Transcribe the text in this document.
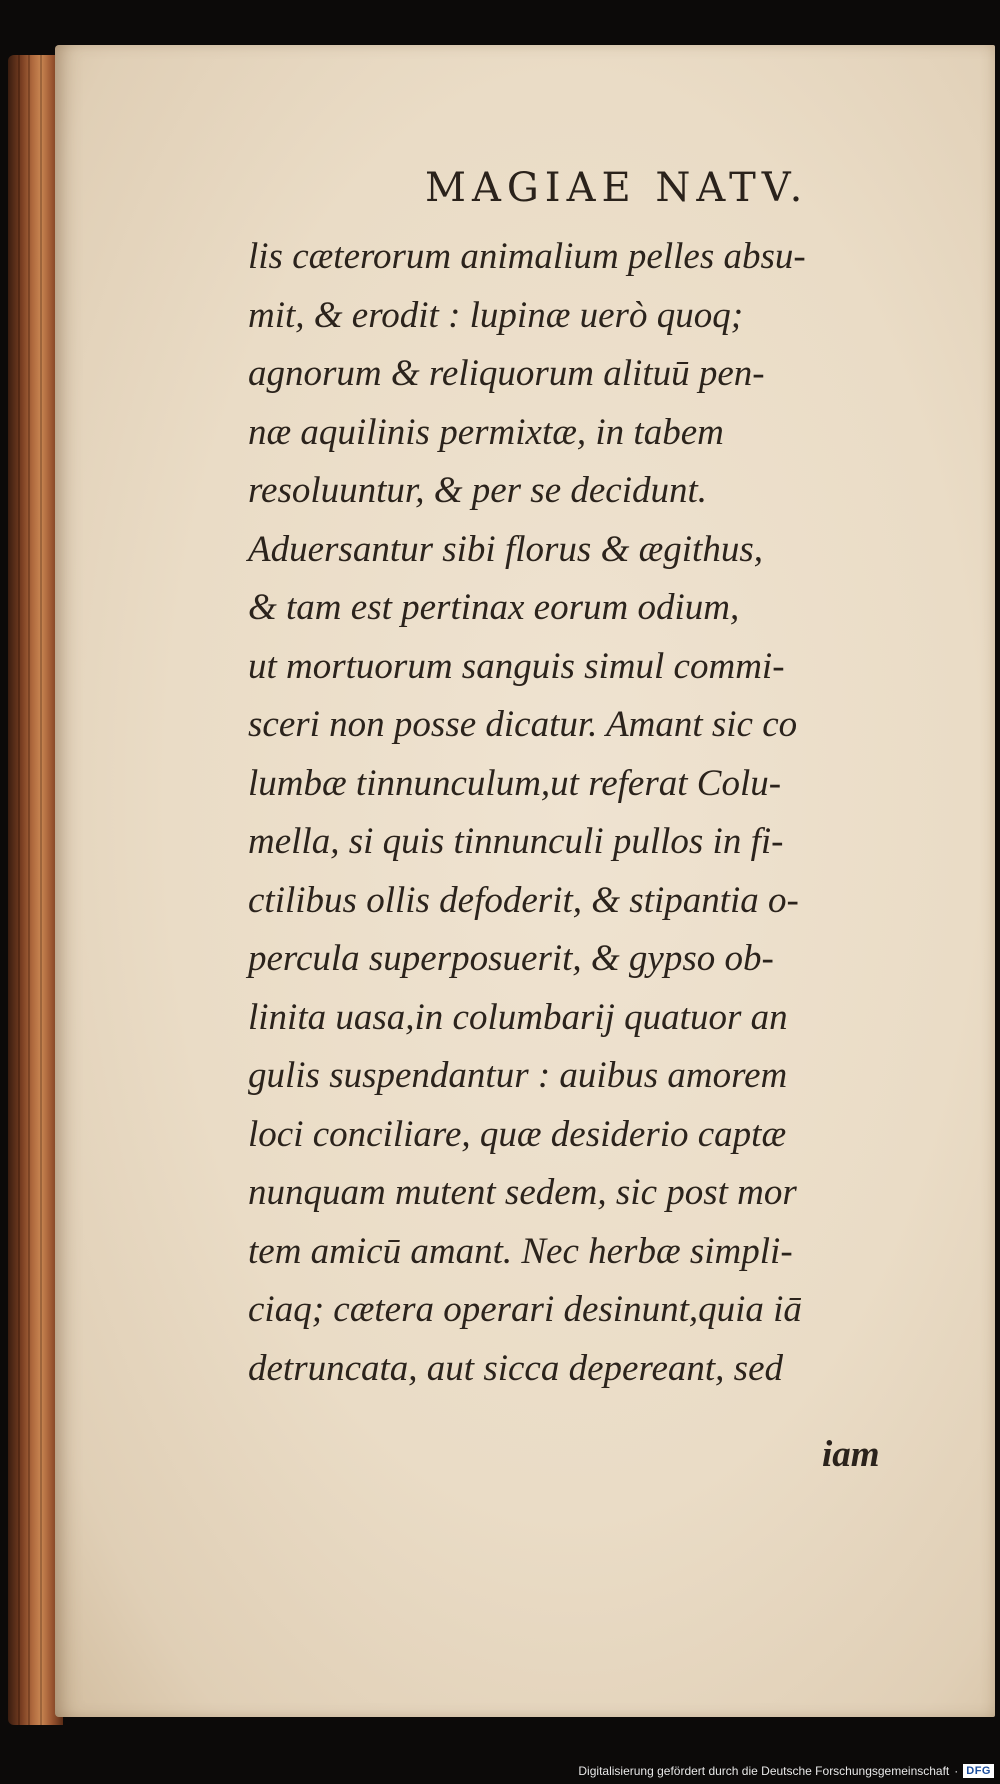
MAGIAE NATV.
lis cæterorum animalium pelles absu-
mit, & erodit : lupinæ uerò quoq;
agnorum & reliquorum alituū pen-
næ aquilinis permixtæ, in tabem
resoluuntur, & per se decidunt.
Aduersantur sibi florus & ægithus,
& tam est pertinax eorum odium,
ut mortuorum sanguis simul commi-
sceri non posse dicatur. Amant sic co
lumbæ tinnunculum,ut referat Colu-
mella, si quis tinnunculi pullos in fi-
ctilibus ollis defoderit, & stipantia o-
percula superposuerit, & gypso ob-
linita uasa,in columbarij quatuor an
gulis suspendantur : auibus amorem
loci conciliare, quæ desiderio captæ
nunquam mutent sedem, sic post mor
tem amicū amant. Nec herbæ simpli-
ciaq; cætera operari desinunt,quia iā
detruncata, aut sicca depereant, sed
iam
Digitalisierung gefördert durch die Deutsche Forschungsgemeinschaft · DFG
